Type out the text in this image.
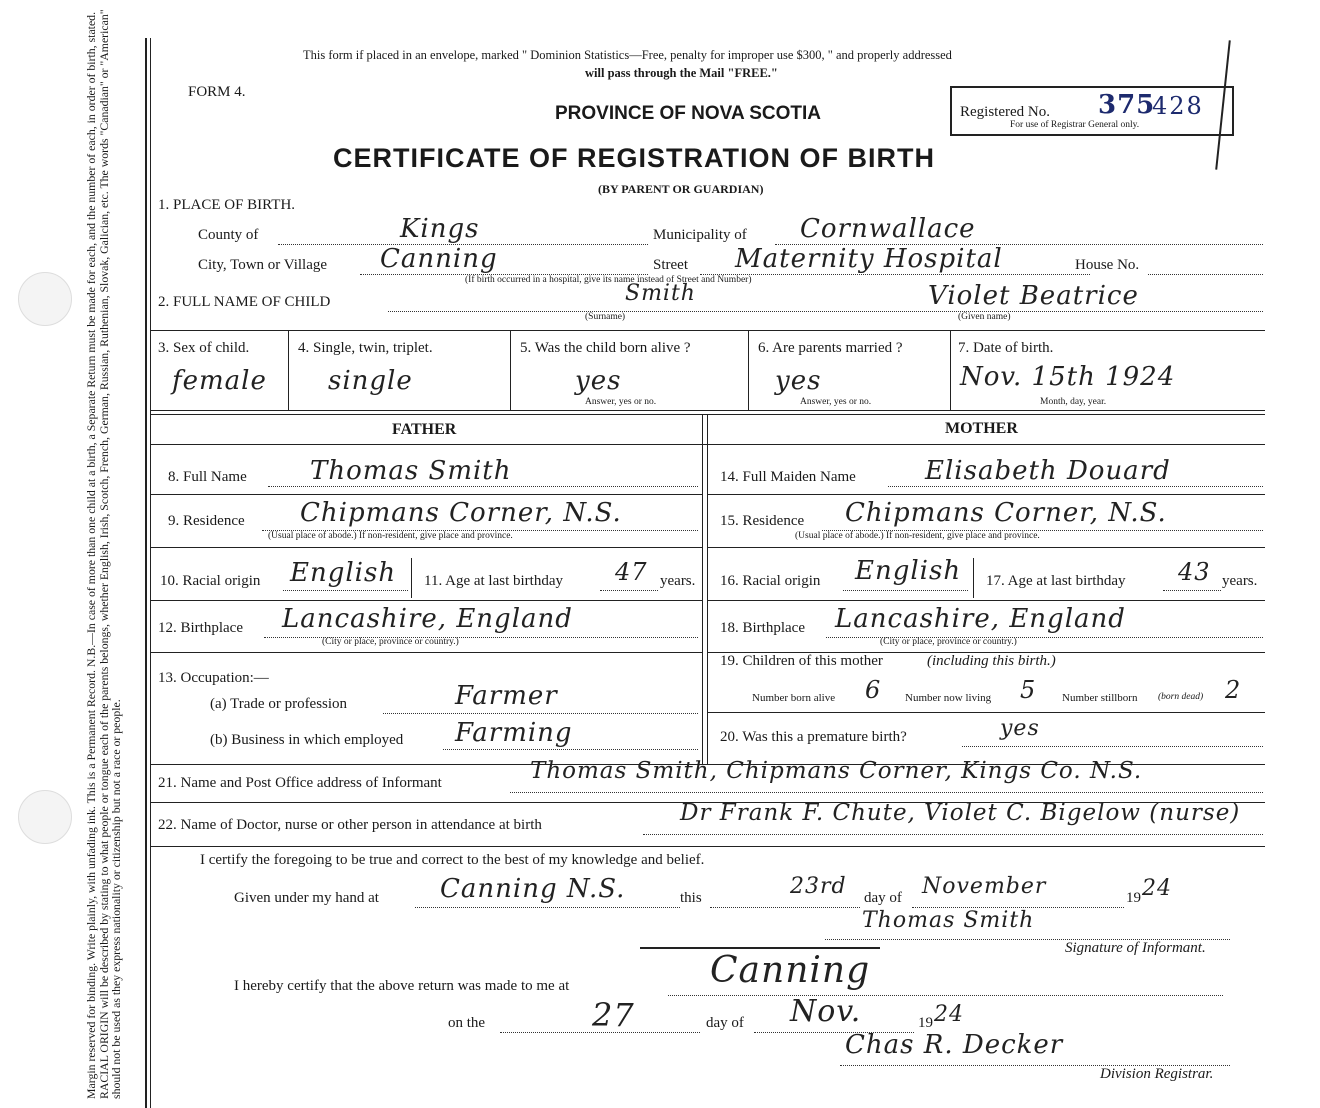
Margin reserved for binding. Write plainly, with unfading ink. This is a Permanent Record. N.B.—In case of more than one child at a birth, a Separate Return must be made for each, and the number of each, in order of birth, stated. RACIAL ORIGIN will be described by stating to what people or tongue each of the parents belongs, whether English, Irish, Scotch, French, German, Russian, Ruthenian, Slovak, Galician, etc. The words "Canadian" or "American" should not be used as they express nationality or citizenship but not a race or people.
This form if placed in an envelope, marked " Dominion Statistics—Free, penalty for improper use $300, " and properly addressed
will pass through the Mail "FREE."
FORM 4.
PROVINCE OF NOVA SCOTIA
CERTIFICATE OF REGISTRATION OF BIRTH
(BY PARENT OR GUARDIAN)
Registered No. 375
428
For use of Registrar General only.
1. PLACE OF BIRTH.
County of	Kings	Municipality of Cornwallace
City, Town or Village Canning	Street Maternity Hospital	House No.
(If birth occurred in a hospital, give its name instead of Street and Number)
2. FULL NAME OF CHILD	Smith
(Surname)
Violet Beatrice
(Given name)
3. Sex of child.
female
4. Single, twin, triplet.
single
5. Was the child born alive ?
yes
Answer, yes or no.
6. Are parents married ?
yes
Answer, yes or no.
7. Date of birth.
Nov. 15th 1924
Month, day, year.
FATHER	MOTHER
8. Full Name Thomas Smith
9. Residence Chipmans Corner, N.S.
(Usual place of abode.) If non-resident, give place and province.
10. Racial origin English 11. Age at last birthday 47 years.
12. Birthplace Lancashire, England
(City or place, province or country.)
13. Occupation:—
(a) Trade or profession	Farmer
(b) Business in which employed Farming
14. Full Maiden Name	Elisabeth Douard
15. Residence Chipmans Corner, N.S.
(Usual place of abode.) If non-resident, give place and province.
16. Racial origin English 17. Age at last birthday 43 years.
18. Birthplace Lancashire, England
(City or place, province or country.)
19. Children of this mother	(including this birth.)
Number born alive 6 Number now living 5 Number stillborn (born dead) 2
20. Was this a premature birth?	yes
21. Name and Post Office address of Informant	Thomas Smith, Chipmans Corner, Kings Co. N.S.
22. Name of Doctor, nurse or other person in attendance at birth	Dr Frank F. Chute, Violet C. Bigelow (nurse)
I certify the foregoing to be true and correct to the best of my knowledge and belief.
Given under my hand at Canning N.S.	this	23rd day of November	19 24
Thomas Smith
Signature of Informant.
I hereby certify that the above return was made to me at	Canning
on the	27	day of Nov.	19 24
Chas R. Decker
Division Registrar.
